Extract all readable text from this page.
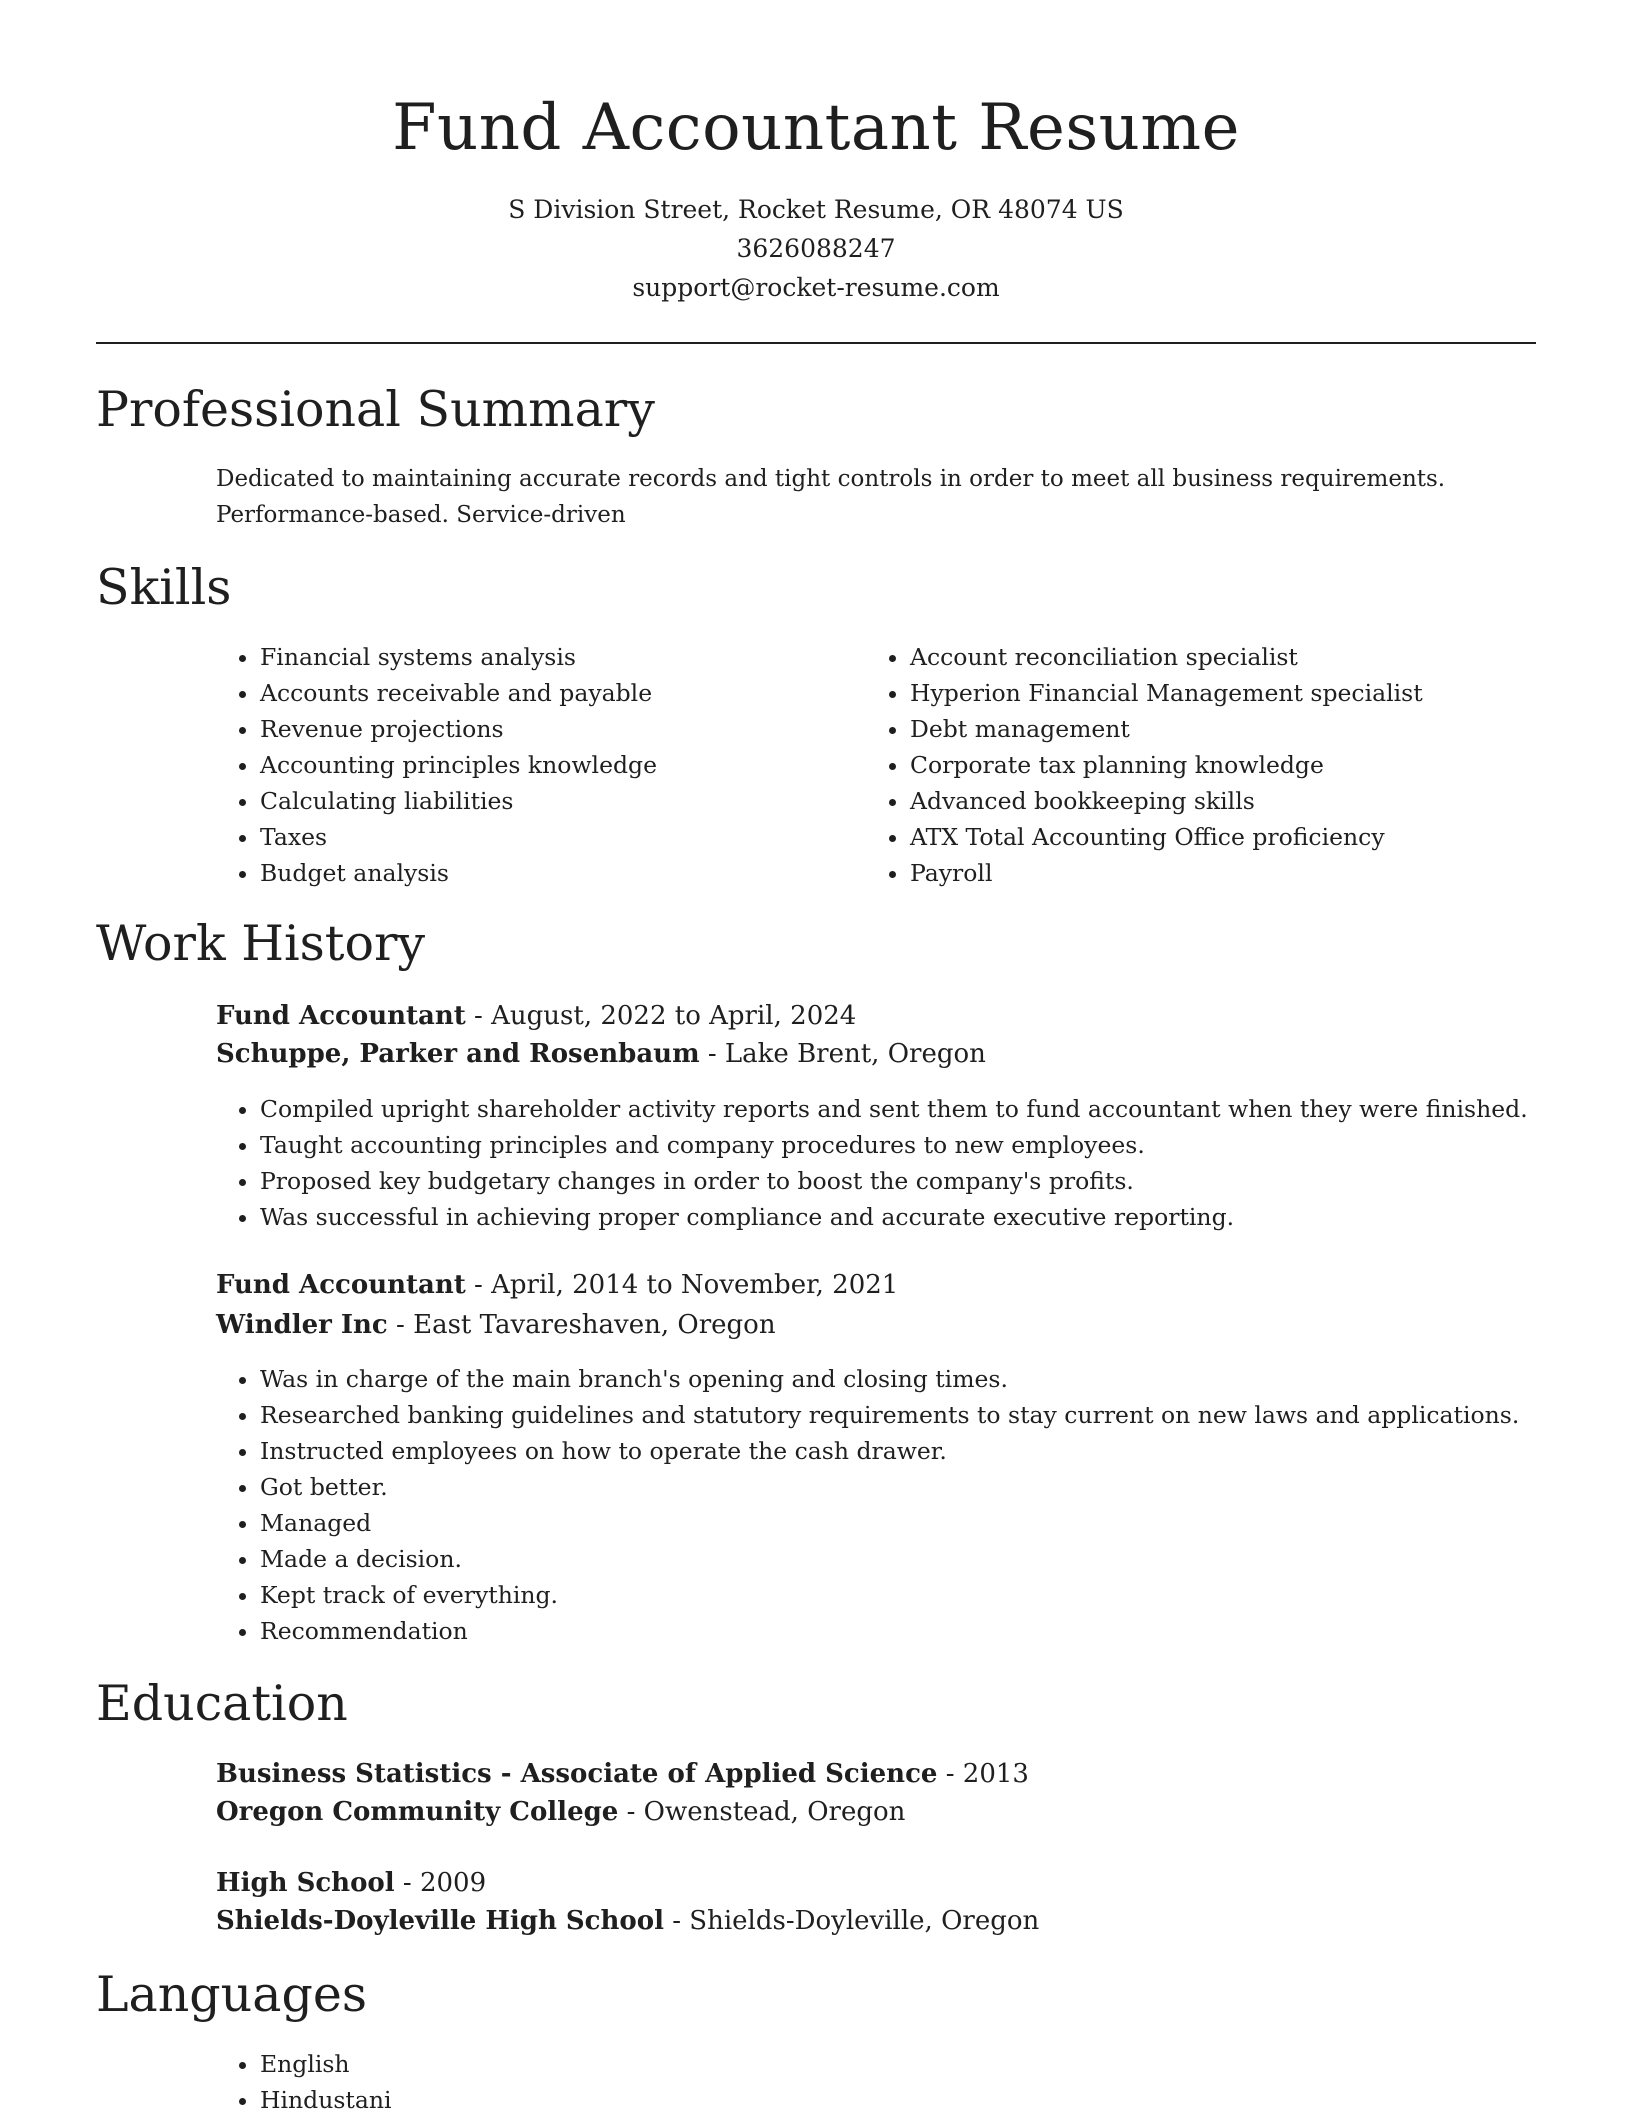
Fund Accountant Resume
S Division Street, Rocket Resume, OR 48074 US
3626088247
support@rocket-resume.com
Professional Summary
Dedicated to maintaining accurate records and tight controls in order to meet all business requirements. Performance-based. Service-driven
Skills
• Financial systems analysis
• Accounts receivable and payable
• Revenue projections
• Accounting principles knowledge
• Calculating liabilities
• Taxes
• Budget analysis
• Account reconciliation specialist
• Hyperion Financial Management specialist
• Debt management
• Corporate tax planning knowledge
• Advanced bookkeeping skills
• ATX Total Accounting Office proficiency
• Payroll
Work History
Fund Accountant - August, 2022 to April, 2024
Schuppe, Parker and Rosenbaum - Lake Brent, Oregon
• Compiled upright shareholder activity reports and sent them to fund accountant when they were finished.
• Taught accounting principles and company procedures to new employees.
• Proposed key budgetary changes in order to boost the company's profits.
• Was successful in achieving proper compliance and accurate executive reporting.
Fund Accountant - April, 2014 to November, 2021
Windler Inc - East Tavareshaven, Oregon
• Was in charge of the main branch's opening and closing times.
• Researched banking guidelines and statutory requirements to stay current on new laws and applications.
• Instructed employees on how to operate the cash drawer.
• Got better.
• Managed
• Made a decision.
• Kept track of everything.
• Recommendation
Education
Business Statistics - Associate of Applied Science - 2013
Oregon Community College - Owenstead, Oregon
High School - 2009
Shields-Doyleville High School - Shields-Doyleville, Oregon
Languages
• English
• Hindustani
